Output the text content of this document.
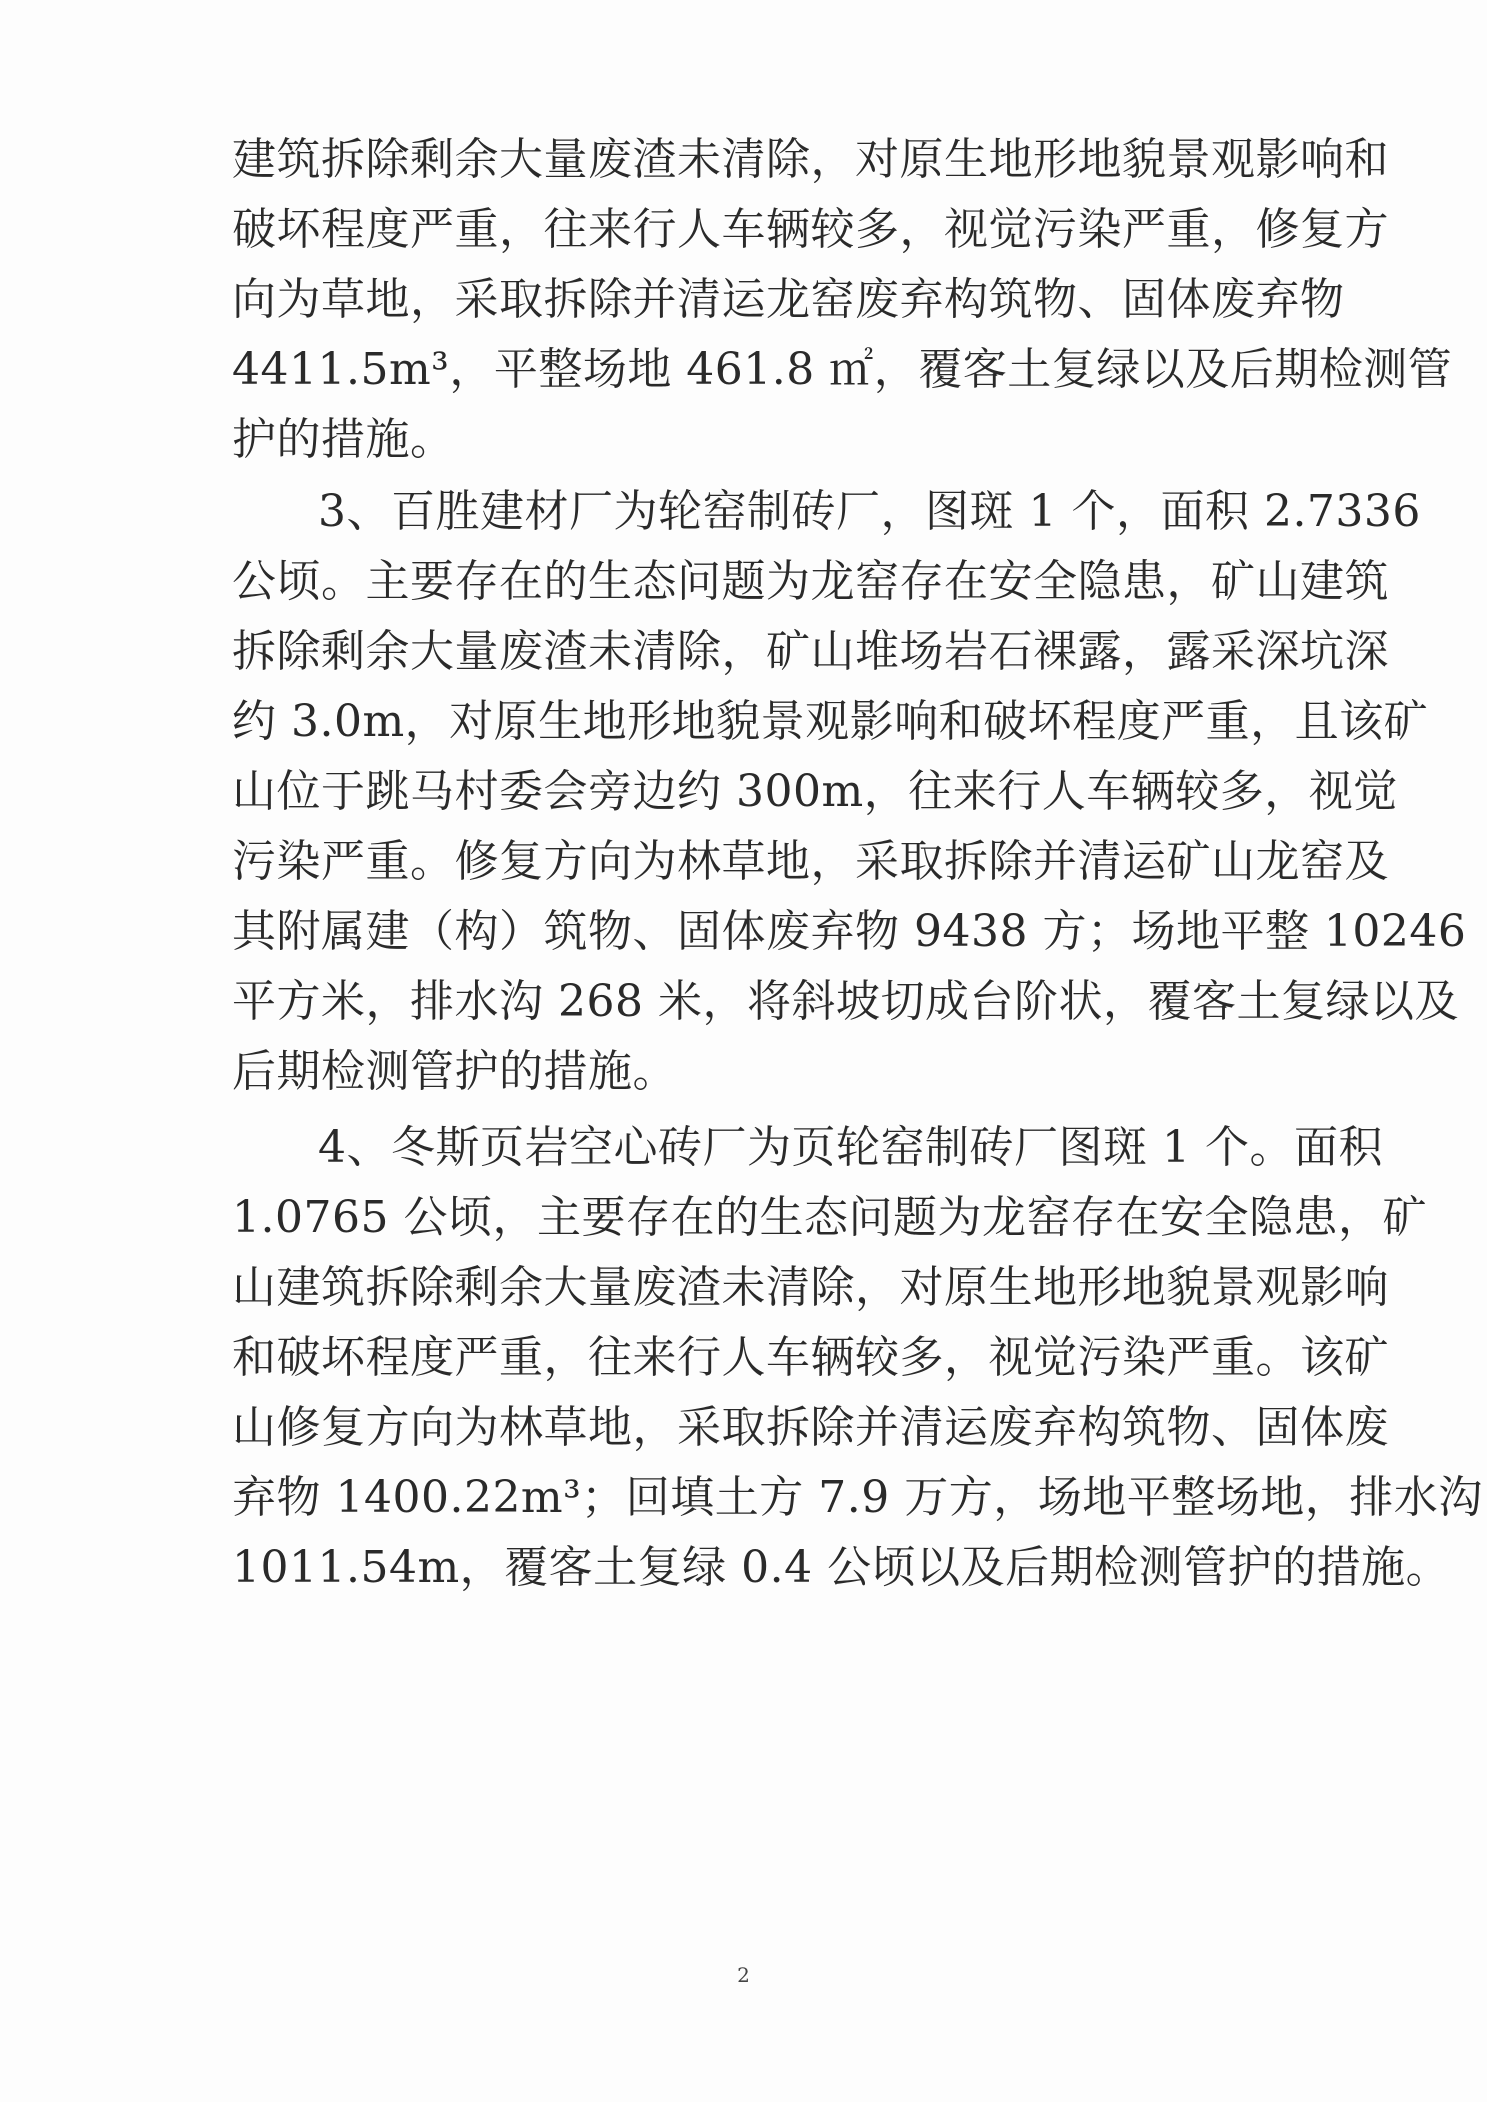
建筑拆除剩余大量废渣未清除，对原生地形地貌景观影响和
破坏程度严重，往来行人车辆较多，视觉污染严重，修复方
向为草地，采取拆除并清运龙窑废弃构筑物、固体废弃物
4411.5m³，平整场地 461.8 ㎡，覆客土复绿以及后期检测管
护的措施。
3、百胜建材厂为轮窑制砖厂，图斑 1 个，面积 2.7336
公顷。主要存在的生态问题为龙窑存在安全隐患，矿山建筑
拆除剩余大量废渣未清除，矿山堆场岩石裸露，露采深坑深
约 3.0m，对原生地形地貌景观影响和破坏程度严重，且该矿
山位于跳马村委会旁边约 300m，往来行人车辆较多，视觉
污染严重。修复方向为林草地，采取拆除并清运矿山龙窑及
其附属建（构）筑物、固体废弃物 9438 方；场地平整 10246
平方米，排水沟 268 米，将斜坡切成台阶状，覆客土复绿以及
后期检测管护的措施。
4、冬斯页岩空心砖厂为页轮窑制砖厂图斑 1 个。面积
1.0765 公顷，主要存在的生态问题为龙窑存在安全隐患，矿
山建筑拆除剩余大量废渣未清除，对原生地形地貌景观影响
和破坏程度严重，往来行人车辆较多，视觉污染严重。该矿
山修复方向为林草地，采取拆除并清运废弃构筑物、固体废
弃物 1400.22m³；回填土方 7.9 万方，场地平整场地，排水沟
1011.54m，覆客土复绿 0.4 公顷以及后期检测管护的措施。
2
